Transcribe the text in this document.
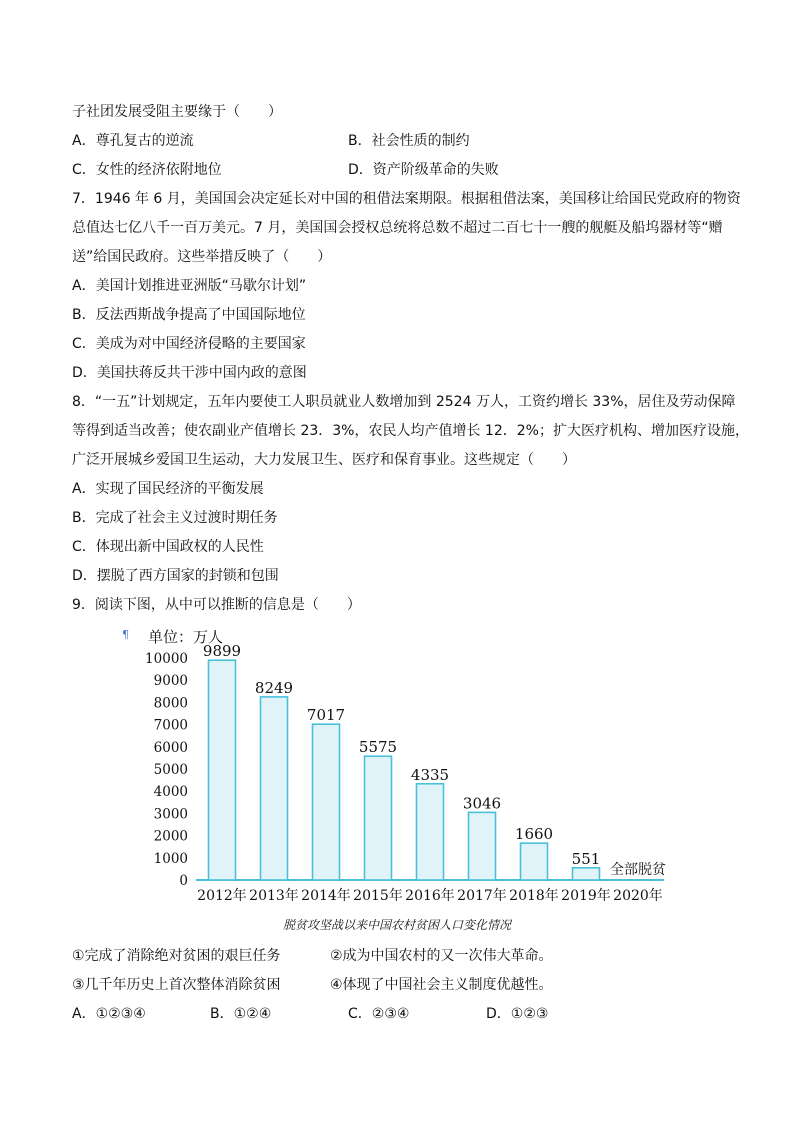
子社团发展受阻主要缘于（　　）
A．尊孔复古的逆流	B．社会性质的制约
C．女性的经济依附地位	D．资产阶级革命的失败
7．1946 年 6 月，美国国会决定延长对中国的租借法案期限。根据租借法案，美国移让给国民党政府的物资
总值达七亿八千一百万美元。7 月，美国国会授权总统将总数不超过二百七十一艘的舰艇及船坞器材等“赠
送”给国民政府。这些举措反映了（　　）
A．美国计划推进亚洲版“马歇尔计划”
B．反法西斯战争提高了中国国际地位
C．美成为对中国经济侵略的主要国家
D．美国扶蒋反共干涉中国内政的意图
8．“一五”计划规定，五年内要使工人职员就业人数增加到 2524 万人，工资约增长 33%，居住及劳动保障
等得到适当改善；使农副业产值增长 23．3%，农民人均产值增长 12．2%；扩大医疗机构、增加医疗设施，
广泛开展城乡爱国卫生运动，大力发展卫生、医疗和保育事业。这些规定（　　）
A．实现了国民经济的平衡发展
B．完成了社会主义过渡时期任务
C．体现出新中国政权的人民性
D．摆脱了西方国家的封锁和包围
9．阅读下图，从中可以推断的信息是（　　）
¶ 单位：万人
0
1000
2000
3000
4000
5000
6000
7000
8000
9000
10000 9899
8249
7017
5575
4335
3046
1660
551
全部脱贫
2012年 2013年 2014年 2015年 2016年 2017年 2018年 2019年 2020年
脱贫攻坚战以来中国农村贫困人口变化情况
①完成了消除绝对贫困的艰巨任务	②成为中国农村的又一次伟大革命。
③几千年历史上首次整体消除贫困	④体现了中国社会主义制度优越性。
A．①②③④	B．①②④	C．②③④	D．①②③
